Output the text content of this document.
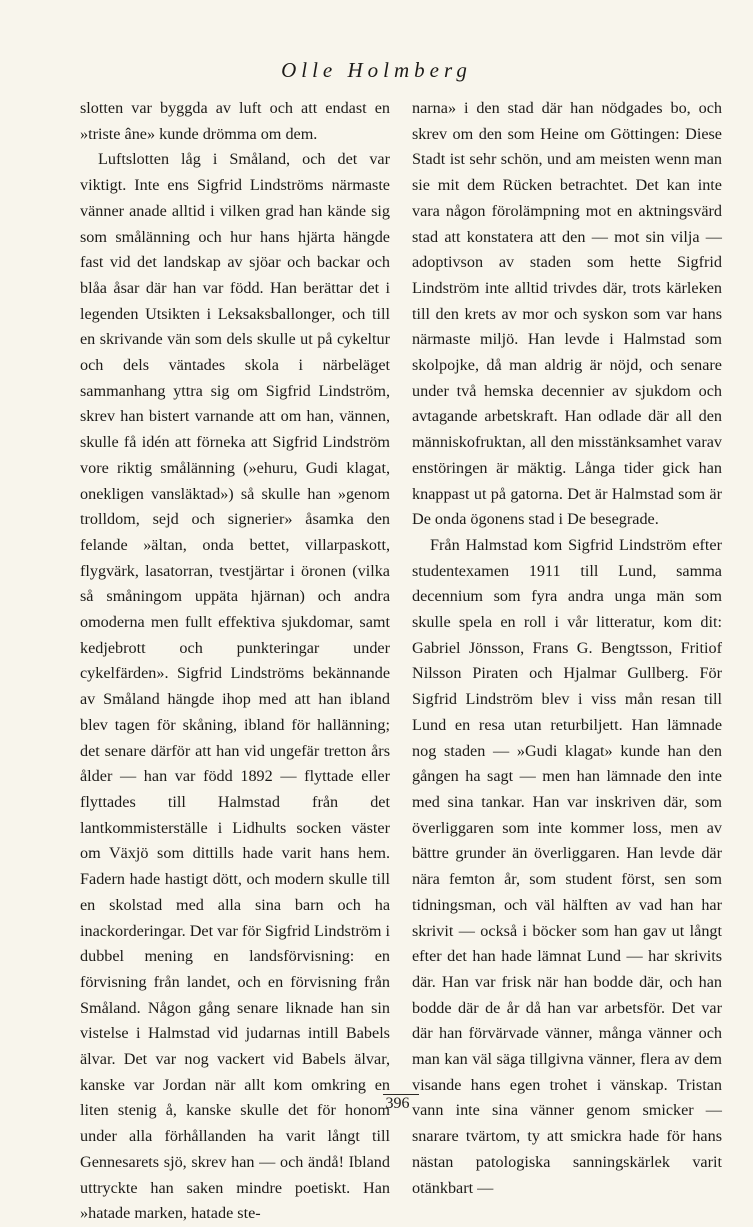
Olle Holmberg

slotten var byggda av luft och att endast en »triste âne» kunde drömma om dem.

Luftslotten låg i Småland, och det var viktigt. Inte ens Sigfrid Lindströms närmaste vänner anade alltid i vilken grad han kände sig som smålänning och hur hans hjärta hängde fast vid det landskap av sjöar och backar och blåa åsar där han var född. Han berättar det i legenden Utsikten i Leksaksballonger, och till en skrivande vän som dels skulle ut på cykeltur och dels väntades skola i närbeläget sammanhang yttra sig om Sigfrid Lindström, skrev han bistert varnande att om han, vännen, skulle få idén att förneka att Sigfrid Lindström vore riktig smålänning (»ehuru, Gudi klagat, onekligen vansläktad») så skulle han »genom trolldom, sejd och signerier» åsamka den felande »ältan, onda bettet, villarpaskott, flygvärk, lasatorran, tvestjärtar i öronen (vilka så småningom uppäta hjärnan) och andra omoderna men fullt effektiva sjukdomar, samt kedjebrott och punkteringar under cykelfärden». Sigfrid Lindströms bekännande av Småland hängde ihop med att han ibland blev tagen för skåning, ibland för hallänning; det senare därför att han vid ungefär tretton års ålder — han var född 1892 — flyttade eller flyttades till Halmstad från det lantkommisterställe i Lidhults socken väster om Växjö som dittills hade varit hans hem. Fadern hade hastigt dött, och modern skulle till en skolstad med alla sina barn och ha inackorderingar. Det var för Sigfrid Lindström i dubbel mening en landsförvisning: en förvisning från landet, och en förvisning från Småland. Någon gång senare liknade han sin vistelse i Halmstad vid judarnas intill Babels älvar. Det var nog vackert vid Babels älvar, kanske var Jordan när allt kom omkring en liten stenig å, kanske skulle det för honom under alla förhållanden ha varit långt till Gennesarets sjö, skrev han — och ändå! Ibland uttryckte han saken mindre poetiskt. Han »hatade marken, hatade ste-

narna» i den stad där han nödgades bo, och skrev om den som Heine om Göttingen: Diese Stadt ist sehr schön, und am meisten wenn man sie mit dem Rücken betrachtet. Det kan inte vara någon förolämpning mot en aktningsvärd stad att konstatera att den — mot sin vilja — adoptivson av staden som hette Sigfrid Lindström inte alltid trivdes där, trots kärleken till den krets av mor och syskon som var hans närmaste miljö. Han levde i Halmstad som skolpojke, då man aldrig är nöjd, och senare under två hemska decennier av sjukdom och avtagande arbetskraft. Han odlade där all den människofruktan, all den misstänksamhet varav enstöringen är mäktig. Långa tider gick han knappast ut på gatorna. Det är Halmstad som är De onda ögonens stad i De besegrade.

Från Halmstad kom Sigfrid Lindström efter studentexamen 1911 till Lund, samma decennium som fyra andra unga män som skulle spela en roll i vår litteratur, kom dit: Gabriel Jönsson, Frans G. Bengtsson, Fritiof Nilsson Piraten och Hjalmar Gullberg. För Sigfrid Lindström blev i viss mån resan till Lund en resa utan returbiljett. Han lämnade nog staden — »Gudi klagat» kunde han den gången ha sagt — men han lämnade den inte med sina tankar. Han var inskriven där, som överliggaren som inte kommer loss, men av bättre grunder än överliggaren. Han levde där nära femton år, som student först, sen som tidningsman, och väl hälften av vad han har skrivit — också i böcker som han gav ut långt efter det han hade lämnat Lund — har skrivits där. Han var frisk när han bodde där, och han bodde där de år då han var arbetsför. Det var där han förvärvade vänner, många vänner och man kan väl säga tillgivna vänner, flera av dem visande hans egen trohet i vänskap. Tristan vann inte sina vänner genom smicker — snarare tvärtom, ty att smickra hade för hans nästan patologiska sanningskärlek varit otänkbart —

396
